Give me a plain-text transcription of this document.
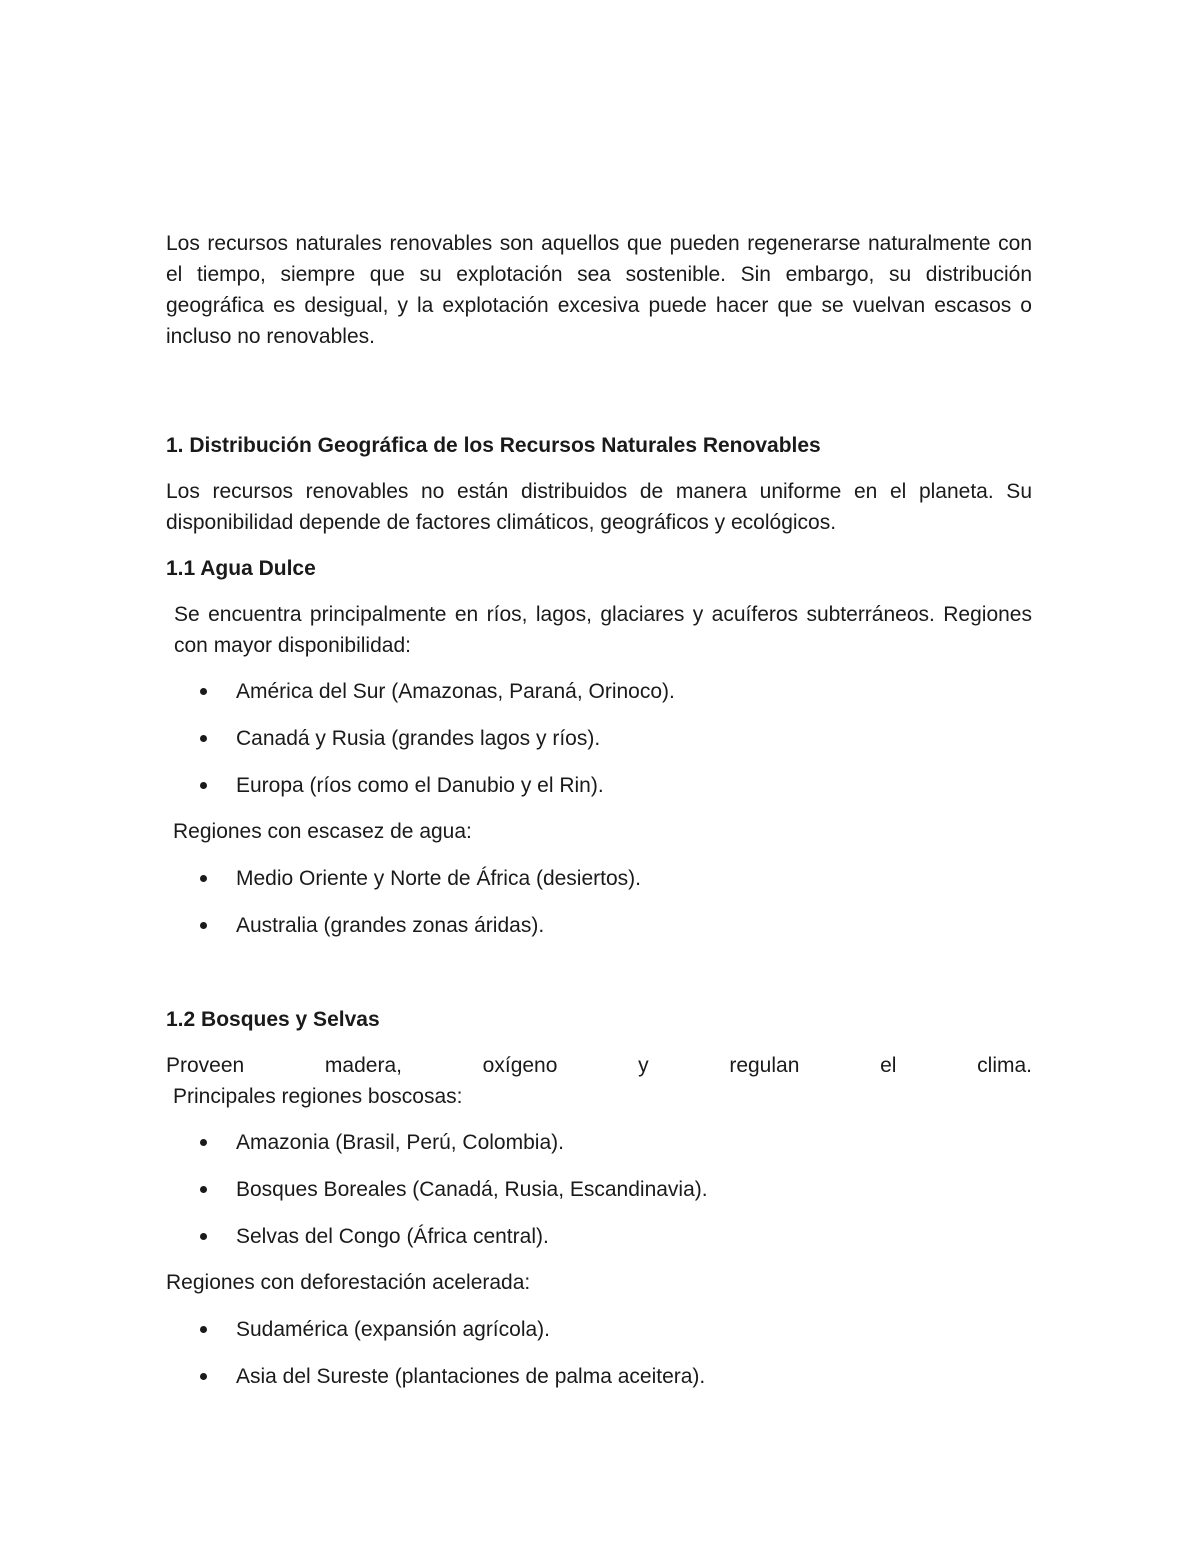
Los recursos naturales renovables son aquellos que pueden regenerarse naturalmente con el tiempo, siempre que su explotación sea sostenible. Sin embargo, su distribución geográfica es desigual, y la explotación excesiva puede hacer que se vuelvan escasos o incluso no renovables.

1. Distribución Geográfica de los Recursos Naturales Renovables

Los recursos renovables no están distribuidos de manera uniforme en el planeta. Su disponibilidad depende de factores climáticos, geográficos y ecológicos.

1.1 Agua Dulce

Se encuentra principalmente en ríos, lagos, glaciares y acuíferos subterráneos. Regiones con mayor disponibilidad:

América del Sur (Amazonas, Paraná, Orinoco).
Canadá y Rusia (grandes lagos y ríos).
Europa (ríos como el Danubio y el Rin).

Regiones con escasez de agua:

Medio Oriente y Norte de África (desiertos).
Australia (grandes zonas áridas).
1.2 Bosques y Selvas

Proveen madera, oxígeno y regulan el clima.

Principales regiones boscosas:

Amazonia (Brasil, Perú, Colombia).
Bosques Boreales (Canadá, Rusia, Escandinavia).
Selvas del Congo (África central).

Regiones con deforestación acelerada:

Sudamérica (expansión agrícola).
Asia del Sureste (plantaciones de palma aceitera).
